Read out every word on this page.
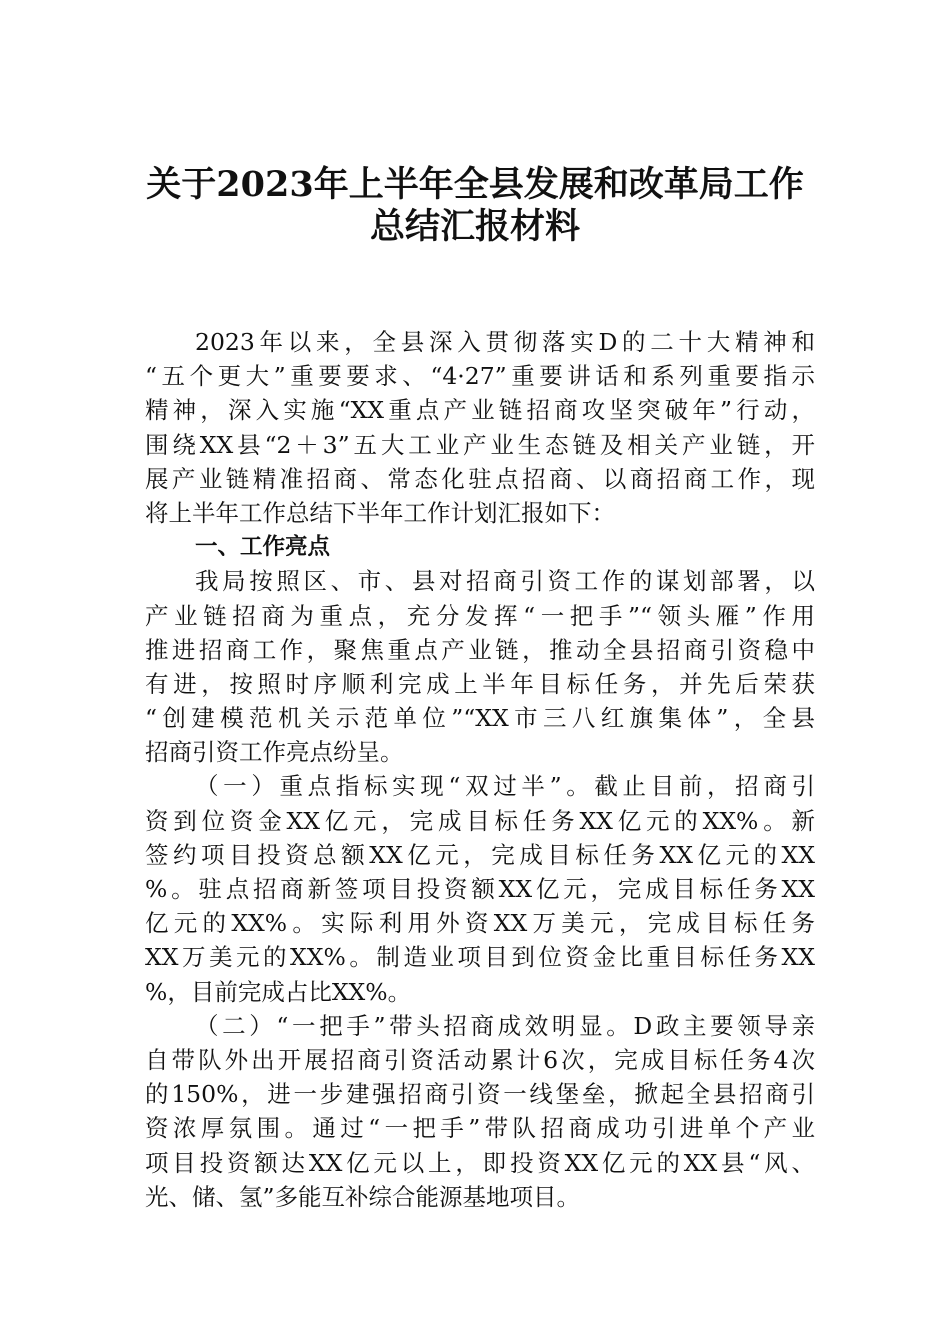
关于2023年上半年全县发展和改革局工作
总结汇报材料
2023年以来，全县深入贯彻落实D的二十大精神和
“五个更大”重要要求、“4·27”重要讲话和系列重要指示
精神，深入实施“XX重点产业链招商攻坚突破年”行动，
围绕XX县“2＋3”五大工业产业生态链及相关产业链，开
展产业链精准招商、常态化驻点招商、以商招商工作，现
将上半年工作总结下半年工作计划汇报如下：
一、工作亮点
我局按照区、市、县对招商引资工作的谋划部署，以
产业链招商为重点，充分发挥“一把手”“领头雁”作用
推进招商工作，聚焦重点产业链，推动全县招商引资稳中
有进，按照时序顺利完成上半年目标任务，并先后荣获
“创建模范机关示范单位”“XX市三八红旗集体”，全县
招商引资工作亮点纷呈。
（一）重点指标实现“双过半”。截止目前，招商引
资到位资金XX亿元，完成目标任务XX亿元的XX%。新
签约项目投资总额XX亿元，完成目标任务XX亿元的XX
%。驻点招商新签项目投资额XX亿元，完成目标任务XX
亿元的XX%。实际利用外资XX万美元，完成目标任务
XX万美元的XX%。制造业项目到位资金比重目标任务XX
%，目前完成占比XX%。
（二）“一把手”带头招商成效明显。D政主要领导亲
自带队外出开展招商引资活动累计6次，完成目标任务4次
的150%，进一步建强招商引资一线堡垒，掀起全县招商引
资浓厚氛围。通过“一把手”带队招商成功引进单个产业
项目投资额达XX亿元以上，即投资XX亿元的XX县“风、
光、储、氢”多能互补综合能源基地项目。
